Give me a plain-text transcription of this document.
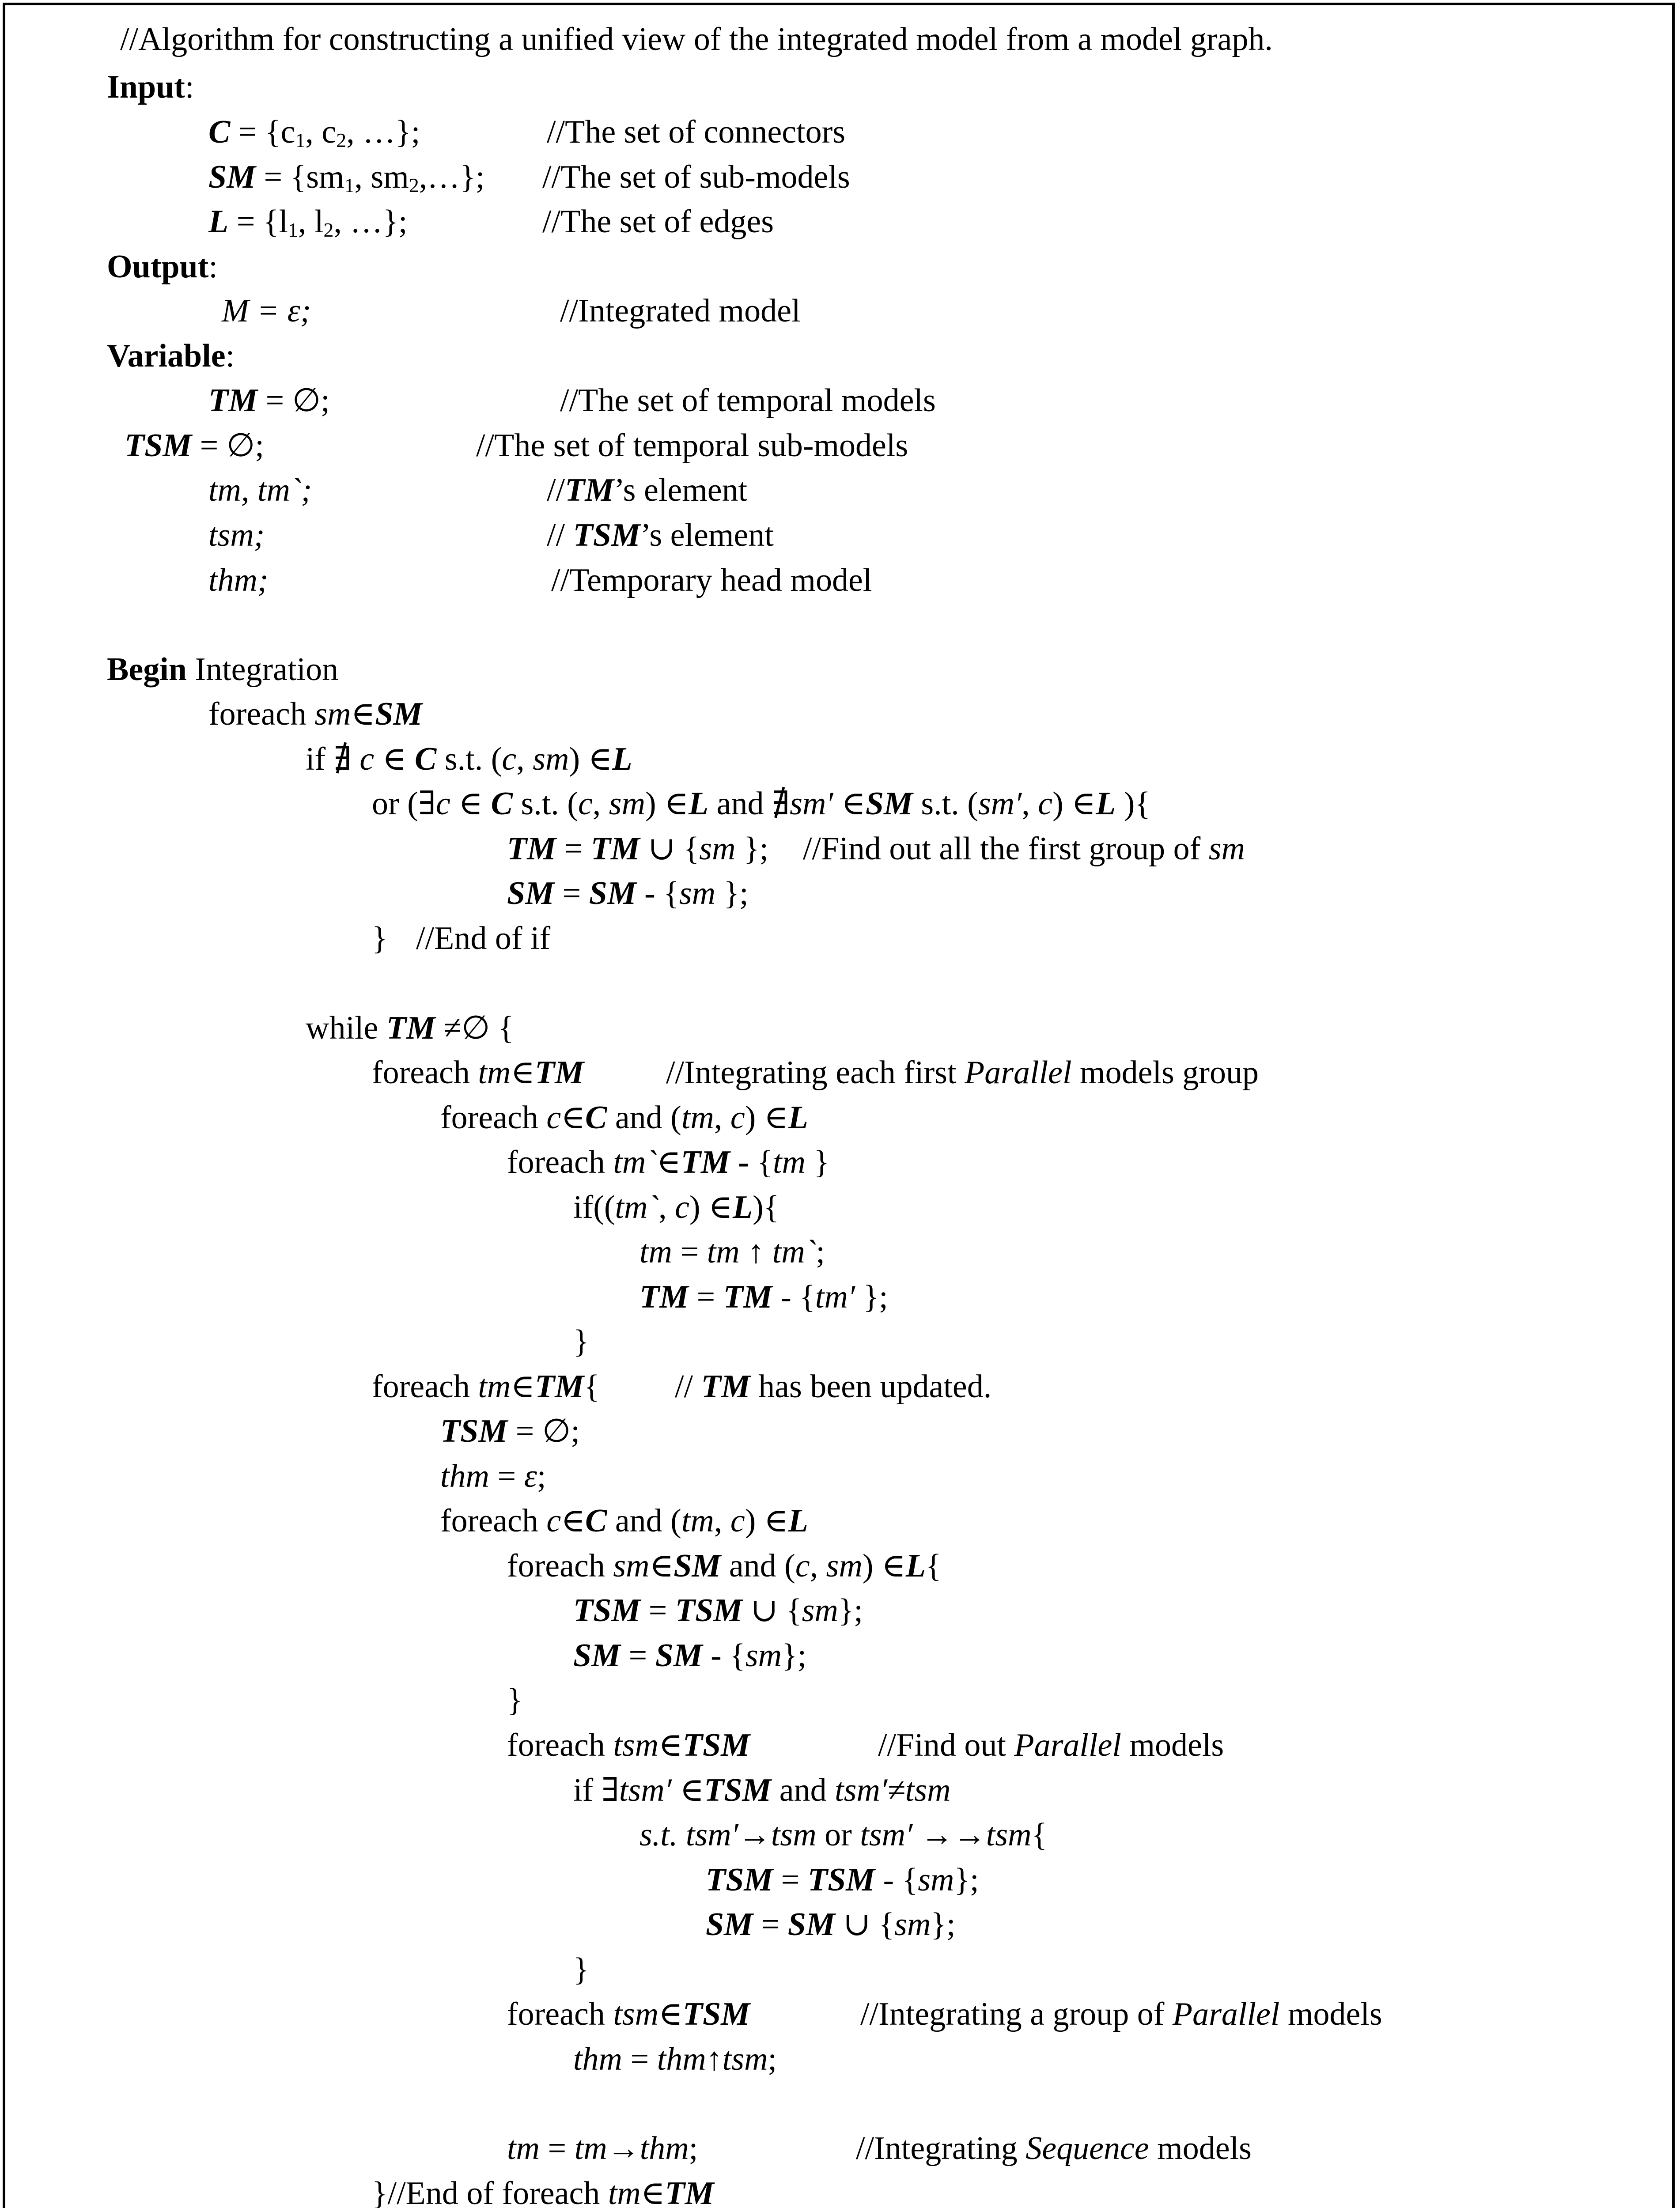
//Algorithm for constructing a unified view of the integrated model from a model graph.
Input:
C = {c1, c2, …};	//The set of connectors
SM = {sm1, sm2,…}; //The set of sub-models
L = {l1, l2, …};	//The set of edges
Output:
M = ε;	//Integrated model
Variable:
TM = ∅;	//The set of temporal models
TSM = ∅;	//The set of temporal sub-models
tm, tm`;	//TM’s element
tsm;	// TSM’s element
thm;	//Temporary head model
Begin Integration
foreach sm∈SM
if ∄ c ∈ C s.t. (c, sm) ∈L
or (∃c ∈ C s.t. (c, sm) ∈L and ∄sm′ ∈SM s.t. (sm′, c) ∈L ){
TM = TM ∪ {sm }; //Find out all the first group of sm
SM = SM - {sm };
} //End of if
while TM ≠∅ {
foreach tm∈TM	//Integrating each first Parallel models group
foreach c∈C and (tm, c) ∈L
foreach tm`∈TM - {tm }
if((tm`, c) ∈L){
tm = tm ↑ tm`;
TM = TM - {tm′ };
}
foreach tm∈TM{ // TM has been updated.
TSM = ∅;
thm = ε;
foreach c∈C and (tm, c) ∈L
foreach sm∈SM and (c, sm) ∈L{
TSM = TSM ∪ {sm};
SM = SM - {sm};
}
foreach tsm∈TSM	//Find out Parallel models
if ∃tsm′ ∈TSM and tsm′≠tsm
s.t. tsm′→tsm or tsm′ →→tsm{
TSM = TSM - {sm};
SM = SM ∪ {sm};
}
foreach tsm∈TSM	//Integrating a group of Parallel models
thm = thm↑tsm;
tm = tm→thm;	//Integrating Sequence models
}//End of foreach tm∈TM
